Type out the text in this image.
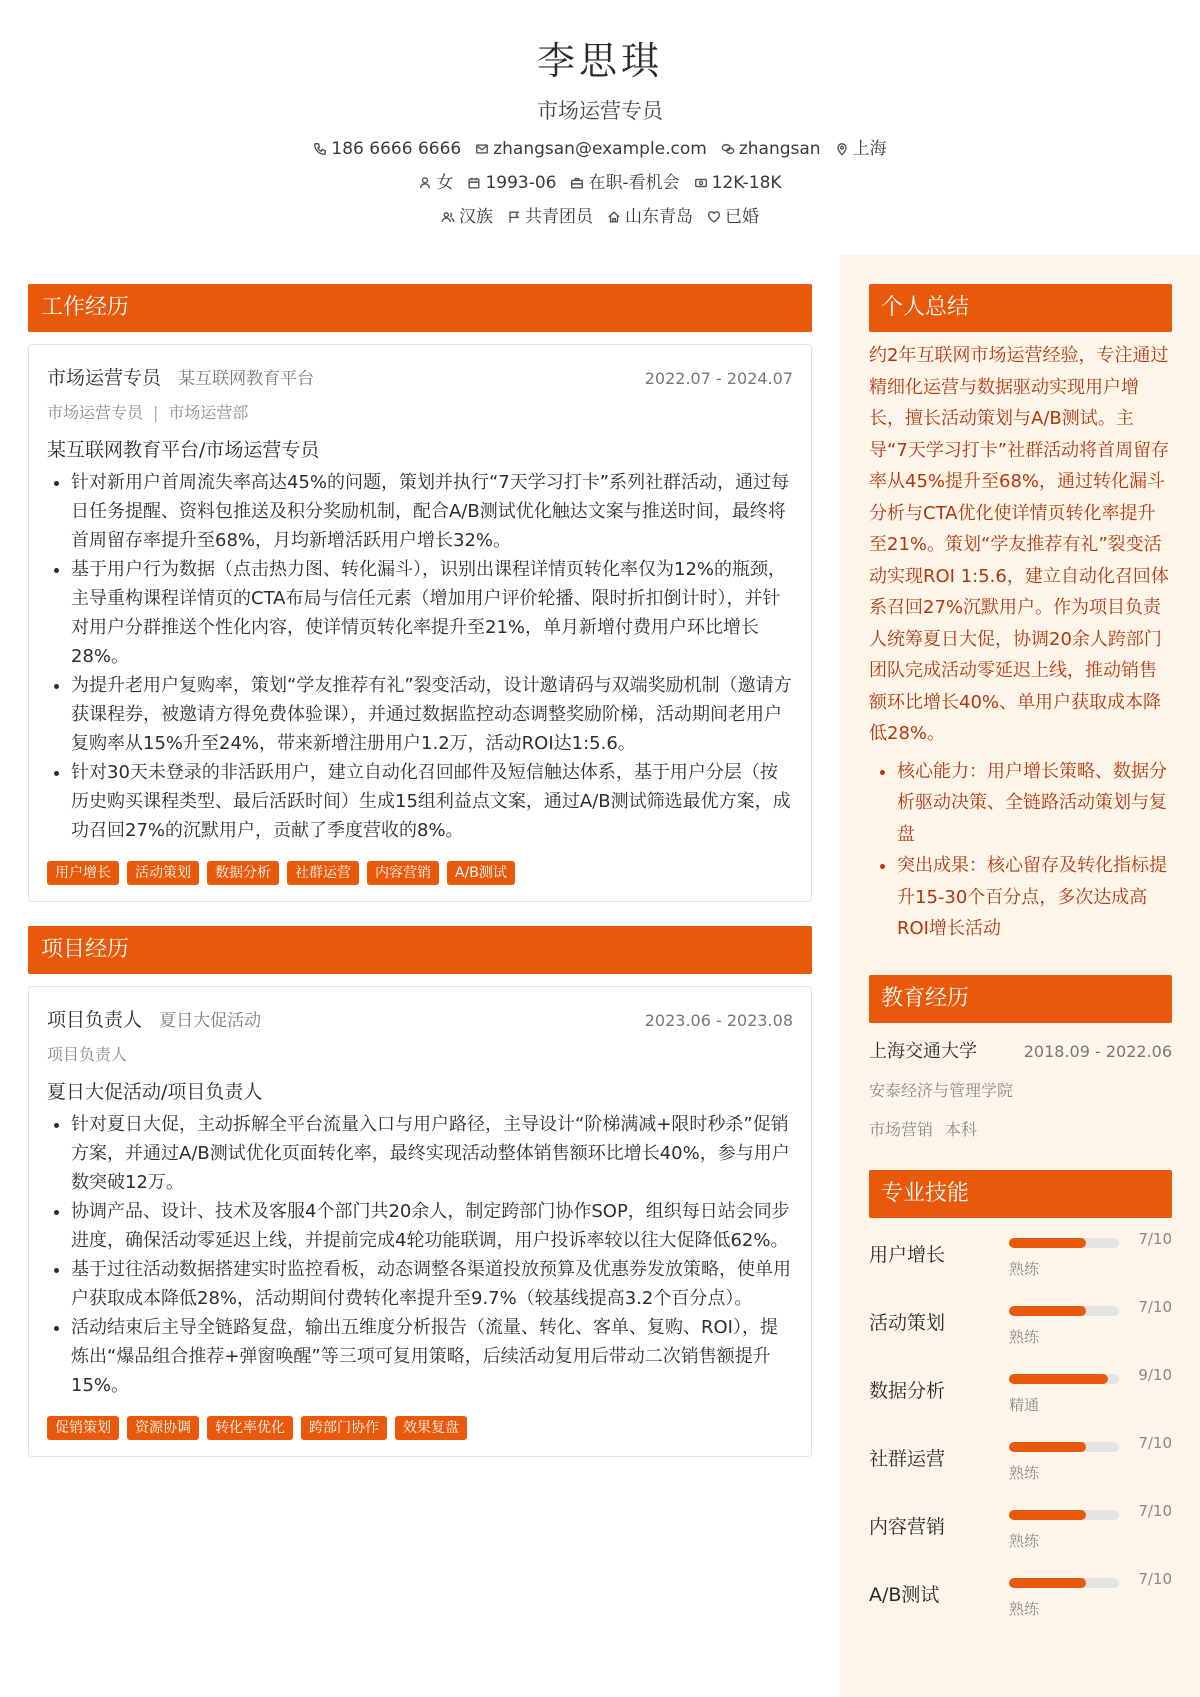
李思琪
市场运营专员
186 6666 6666 zhangsan@example.com zhangsan 上海
女 1993-06 在职-看机会 12K-18K
汉族 共青团员 山东青岛 已婚
工作经历
市场运营专员 某互联网教育平台	2022.07 - 2024.07
市场运营专员 | 市场运营部
某互联网教育平台/市场运营专员
• 针对新用户首周流失率高达45%的问题，策划并执行“7天学习打卡”系列社群活动，通过每日任务提醒、资料包推送及积分奖励机制，配合A/B测试优化触达文案与推送时间，最终将首周留存率提升至68%，月均新增活跃用户增长32%。
• 基于用户行为数据（点击热力图、转化漏斗），识别出课程详情页转化率仅为12%的瓶颈，主导重构课程详情页的CTA布局与信任元素（增加用户评价轮播、限时折扣倒计时），并针对用户分群推送个性化内容，使详情页转化率提升至21%，单月新增付费用户环比增长28%。
• 为提升老用户复购率，策划“学友推荐有礼”裂变活动，设计邀请码与双端奖励机制（邀请方获课程券，被邀请方得免费体验课），并通过数据监控动态调整奖励阶梯，活动期间老用户复购率从15%升至24%，带来新增注册用户1.2万，活动ROI达1:5.6。
• 针对30天未登录的非活跃用户，建立自动化召回邮件及短信触达体系，基于用户分层（按历史购买课程类型、最后活跃时间）生成15组利益点文案，通过A/B测试筛选最优方案，成功召回27%的沉默用户，贡献了季度营收的8%。
用户增长	活动策划	数据分析	社群运营	内容营销	A/B测试
项目经历
项目负责人 夏日大促活动	2023.06 - 2023.08
项目负责人
夏日大促活动/项目负责人
• 针对夏日大促，主动拆解全平台流量入口与用户路径，主导设计“阶梯满减+限时秒杀”促销方案，并通过A/B测试优化页面转化率，最终实现活动整体销售额环比增长40%，参与用户数突破12万。
• 协调产品、设计、技术及客服4个部门共20余人，制定跨部门协作SOP，组织每日站会同步进度，确保活动零延迟上线，并提前完成4轮功能联调，用户投诉率较以往大促降低62%。
• 基于过往活动数据搭建实时监控看板，动态调整各渠道投放预算及优惠券发放策略，使单用户获取成本降低28%，活动期间付费转化率提升至9.7%（较基线提高3.2个百分点）。
• 活动结束后主导全链路复盘，输出五维度分析报告（流量、转化、客单、复购、ROI），提炼出“爆品组合推荐+弹窗唤醒”等三项可复用策略，后续活动复用后带动二次销售额提升15%。
促销策划	资源协调	转化率优化	跨部门协作	效果复盘
个人总结
约2年互联网市场运营经验，专注通过精细化运营与数据驱动实现用户增长，擅长活动策划与A/B测试。主导“7天学习打卡”社群活动将首周留存率从45%提升至68%，通过转化漏斗分析与CTA优化使详情页转化率提升至21%。策划“学友推荐有礼”裂变活动实现ROI 1:5.6，建立自动化召回体系召回27%沉默用户。作为项目负责人统筹夏日大促，协调20余人跨部门团队完成活动零延迟上线，推动销售额环比增长40%、单用户获取成本降低28%。
• 核心能力：用户增长策略、数据分析驱动决策、全链路活动策划与复盘
• 突出成果：核心留存及转化指标提升15-30个百分点，多次达成高ROI增长活动
教育经历
上海交通大学	2018.09 - 2022.06
安泰经济与管理学院
市场营销 本科
专业技能
用户增长
7/10
熟练
活动策划
7/10
熟练
数据分析
9/10
精通
社群运营
7/10
熟练
内容营销
7/10
熟练
A/B测试
7/10
熟练
